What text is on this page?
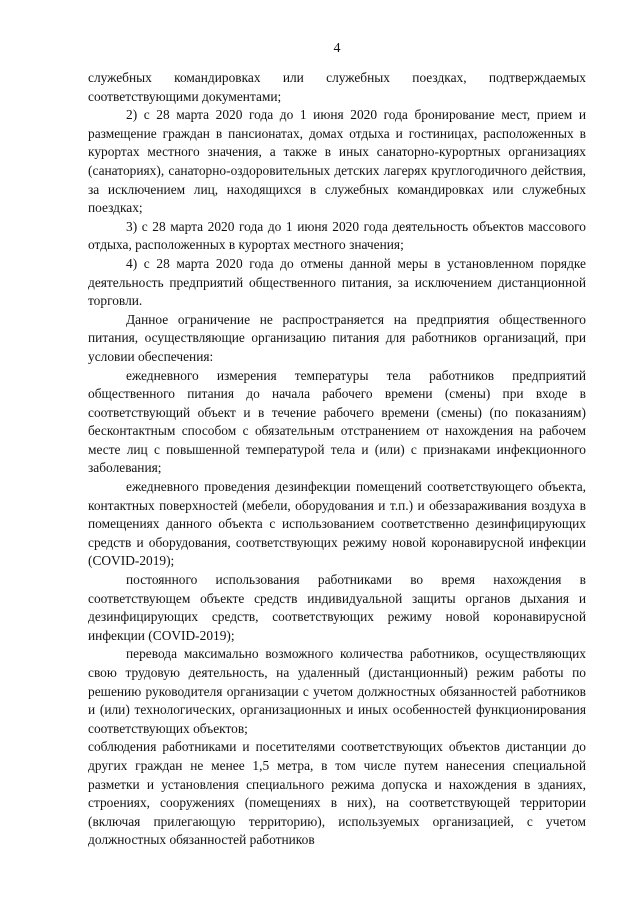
4

служебных командировках или служебных поездках, подтверждаемых соответствующими документами;

2) с 28 марта 2020 года до 1 июня 2020 года бронирование мест, прием и размещение граждан в пансионатах, домах отдыха и гостиницах, расположенных в курортах местного значения, а также в иных санаторно-курортных организациях (санаториях), санаторно-оздоровительных детских лагерях круглогодичного действия, за исключением лиц, находящихся в служебных командировках или служебных поездках;

3) с 28 марта 2020 года до 1 июня 2020 года деятельность объектов массового отдыха, расположенных в курортах местного значения;

4) с 28 марта 2020 года до отмены данной меры в установленном порядке деятельность предприятий общественного питания, за исключением дистанционной торговли.

Данное ограничение не распространяется на предприятия общественного питания, осуществляющие организацию питания для работников организаций, при условии обеспечения:

ежедневного измерения температуры тела работников предприятий общественного питания до начала рабочего времени (смены) при входе в соответствующий объект и в течение рабочего времени (смены) (по показаниям) бесконтактным способом с обязательным отстранением от нахождения на рабочем месте лиц с повышенной температурой тела и (или) с признаками инфекционного заболевания;

ежедневного проведения дезинфекции помещений соответствующего объекта, контактных поверхностей (мебели, оборудования и т.п.) и обеззараживания воздуха в помещениях данного объекта с использованием соответственно дезинфицирующих средств и оборудования, соответствующих режиму новой коронавирусной инфекции (COVID-2019);

постоянного использования работниками во время нахождения в соответствующем объекте средств индивидуальной защиты органов дыхания и дезинфицирующих средств, соответствующих режиму новой коронавирусной инфекции (COVID-2019);

перевода максимально возможного количества работников, осуществляющих свою трудовую деятельность, на удаленный (дистанционный) режим работы по решению руководителя организации с учетом должностных обязанностей работников и (или) технологических, организационных и иных особенностей функционирования соответствующих объектов;

соблюдения работниками и посетителями соответствующих объектов дистанции до других граждан не менее 1,5 метра, в том числе путем нанесения специальной разметки и установления специального режима допуска и нахождения в зданиях, строениях, сооружениях (помещениях в них), на соответствующей территории (включая прилегающую территорию), используемых организацией, с учетом должностных обязанностей работников
